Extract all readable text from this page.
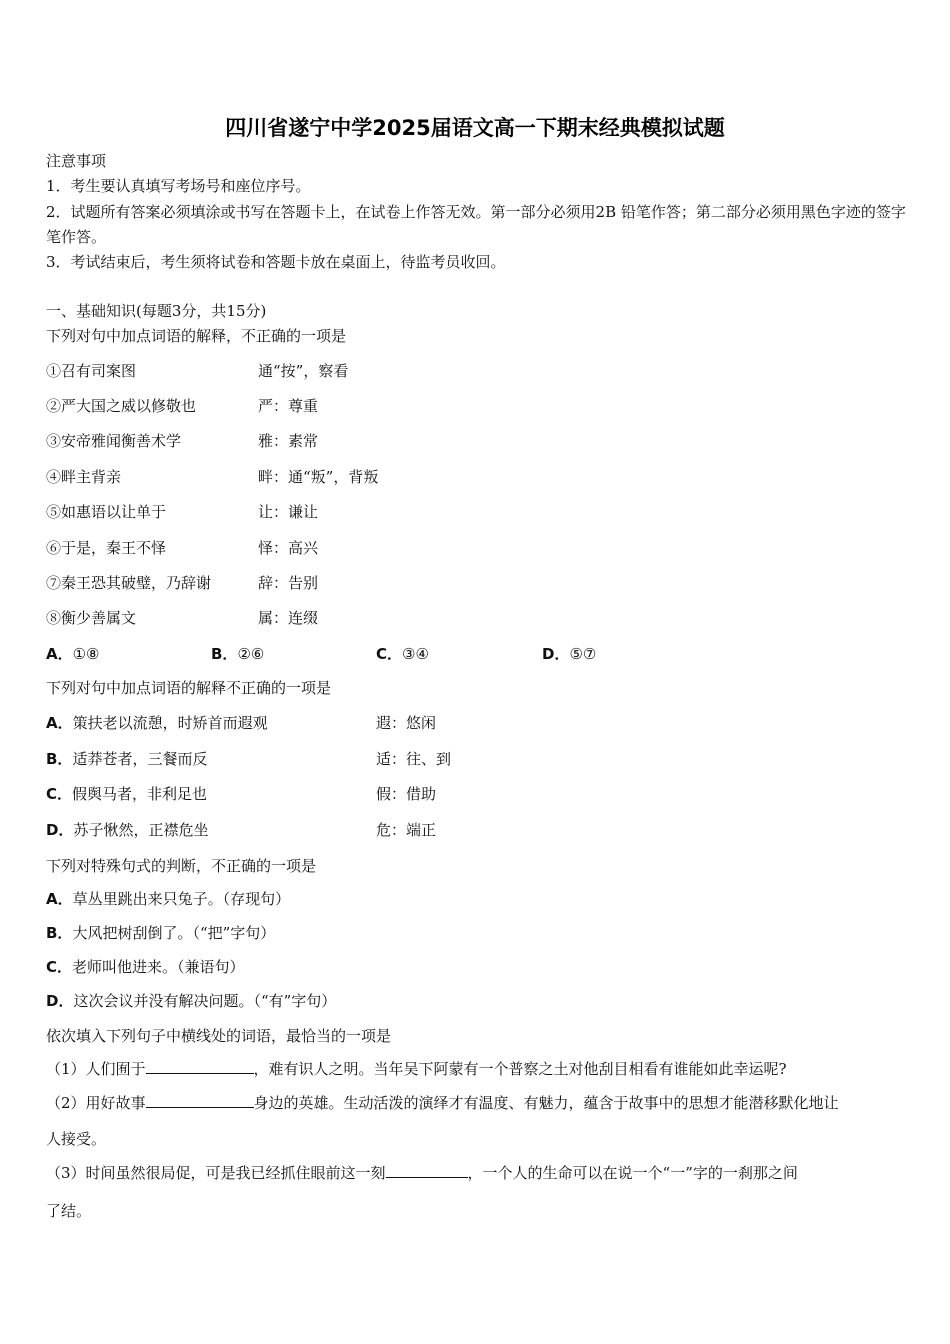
四川省遂宁中学2025届语文高一下期末经典模拟试题
注意事项
1．考生要认真填写考场号和座位序号。
2．试题所有答案必须填涂或书写在答题卡上，在试卷上作答无效。第一部分必须用2B 铅笔作答；第二部分必须用黑色字迹的签字笔作答。
3．考试结束后，考生须将试卷和答题卡放在桌面上，待监考员收回。
一、基础知识(每题3分，共15分)
下列对句中加点词语的解释，不正确的一项是
①召有司案图	通“按”，察看
②严大国之威以修敬也	严：尊重
③安帝雅闻衡善术学	雅：素常
④畔主背亲	畔：通“叛”，背叛
⑤如惠语以让单于	让：谦让
⑥于是，秦王不怿	怿：高兴
⑦秦王恐其破璧，乃辞谢	辞：告别
⑧衡少善属文	属：连缀
A．①⑧	B．②⑥	C．③④	D．⑤⑦
下列对句中加点词语的解释不正确的一项是
A．策扶老以流憩，时矫首而遐观	遐：悠闲
B．适莽苍者，三餐而反	适：往、到
C．假舆马者，非利足也	假：借助
D．苏子愀然，正襟危坐	危：端正
下列对特殊句式的判断，不正确的一项是
A．草丛里跳出来只兔子。（存现句）
B．大风把树刮倒了。（“把”字句）
C．老师叫他进来。（兼语句）
D．这次会议并没有解决问题。（“有”字句）
依次填入下列句子中横线处的词语，最恰当的一项是
（1）人们囿于	，难有识人之明。当年吴下阿蒙有一个普察之土对他刮目相看有谁能如此幸运呢?
（2）用好故事	身边的英雄。生动活泼的演绎才有温度、有魅力，蕴含于故事中的思想才能潜移默化地让
人接受。
（3）时间虽然很局促，可是我已经抓住眼前这一刻	，一个人的生命可以在说一个“一”字的一刹那之间
了结。
